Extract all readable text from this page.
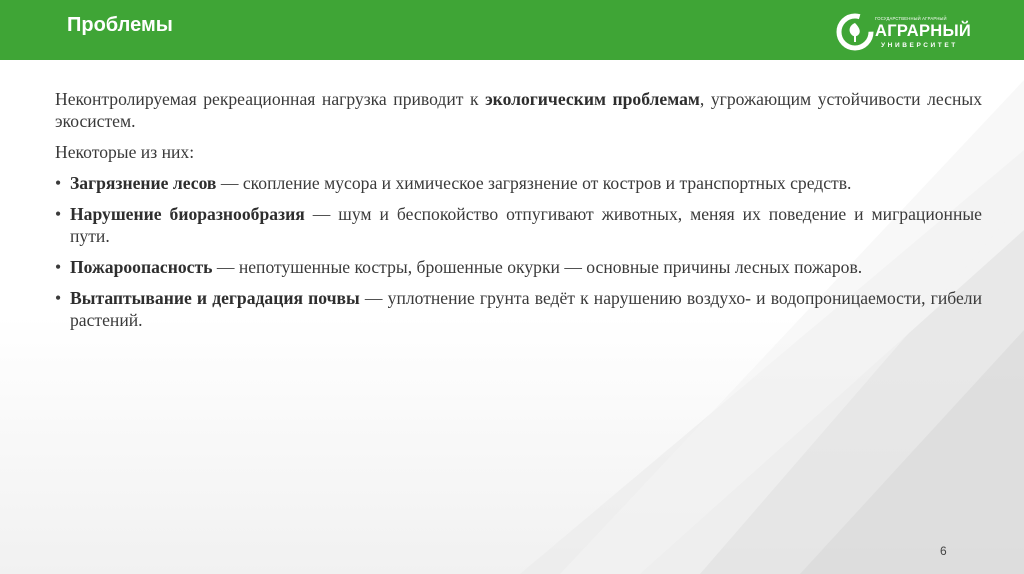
Проблемы	ГОСУДАРСТВЕННЫЙ АГРАРНЫЙ
АГРАРНЫЙ
УНИВЕРСИТЕТ

Неконтролируемая рекреационная нагрузка приводит к экологическим проблемам, угрожающим устойчивости лесных экосистем.

Некоторые из них:

• Загрязнение лесов — скопление мусора и химическое загрязнение от костров и транспортных средств.
• Нарушение биоразнообразия — шум и беспокойство отпугивают животных, меняя их поведение и миграционные пути.
• Пожароопасность — непотушенные костры, брошенные окурки — основные причины лесных пожаров.
• Вытаптывание и деградация почвы — уплотнение грунта ведёт к нарушению воздухо- и водопроницаемости, гибели растений.
6
